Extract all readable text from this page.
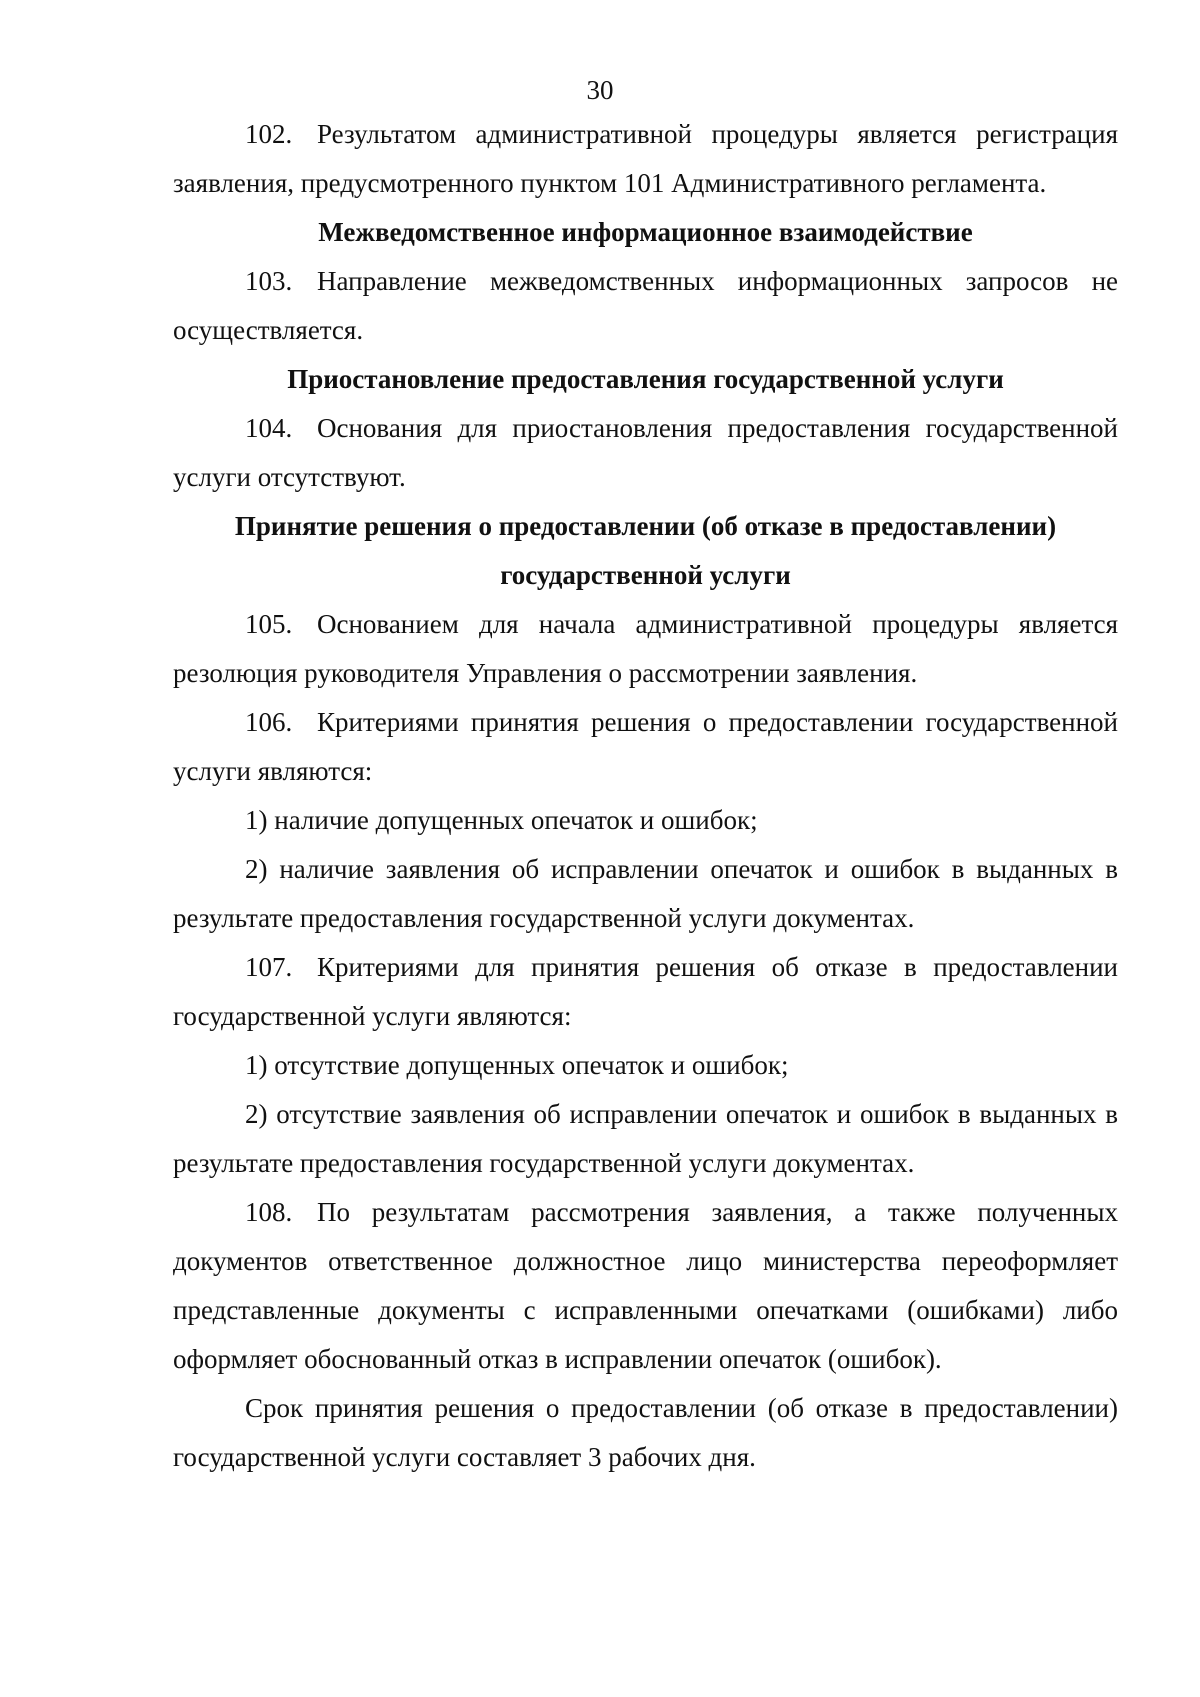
30

102. Результатом административной процедуры является регистрация заявления, предусмотренного пунктом 101 Административного регламента.

Межведомственное информационное взаимодействие

103. Направление межведомственных информационных запросов не осуществляется.

Приостановление предоставления государственной услуги

104. Основания для приостановления предоставления государственной услуги отсутствуют.

Принятие решения о предоставлении (об отказе в предоставлении) государственной услуги

105. Основанием для начала административной процедуры является резолюция руководителя Управления о рассмотрении заявления.

106. Критериями принятия решения о предоставлении государственной услуги являются:

1) наличие допущенных опечаток и ошибок;

2) наличие заявления об исправлении опечаток и ошибок в выданных в результате предоставления государственной услуги документах.

107. Критериями для принятия решения об отказе в предоставлении государственной услуги являются:

1) отсутствие допущенных опечаток и ошибок;

2) отсутствие заявления об исправлении опечаток и ошибок в выданных в результате предоставления государственной услуги документах.

108. По результатам рассмотрения заявления, а также полученных документов ответственное должностное лицо министерства переоформляет представленные документы с исправленными опечатками (ошибками) либо оформляет обоснованный отказ в исправлении опечаток (ошибок).

Срок принятия решения о предоставлении (об отказе в предоставлении) государственной услуги составляет 3 рабочих дня.
